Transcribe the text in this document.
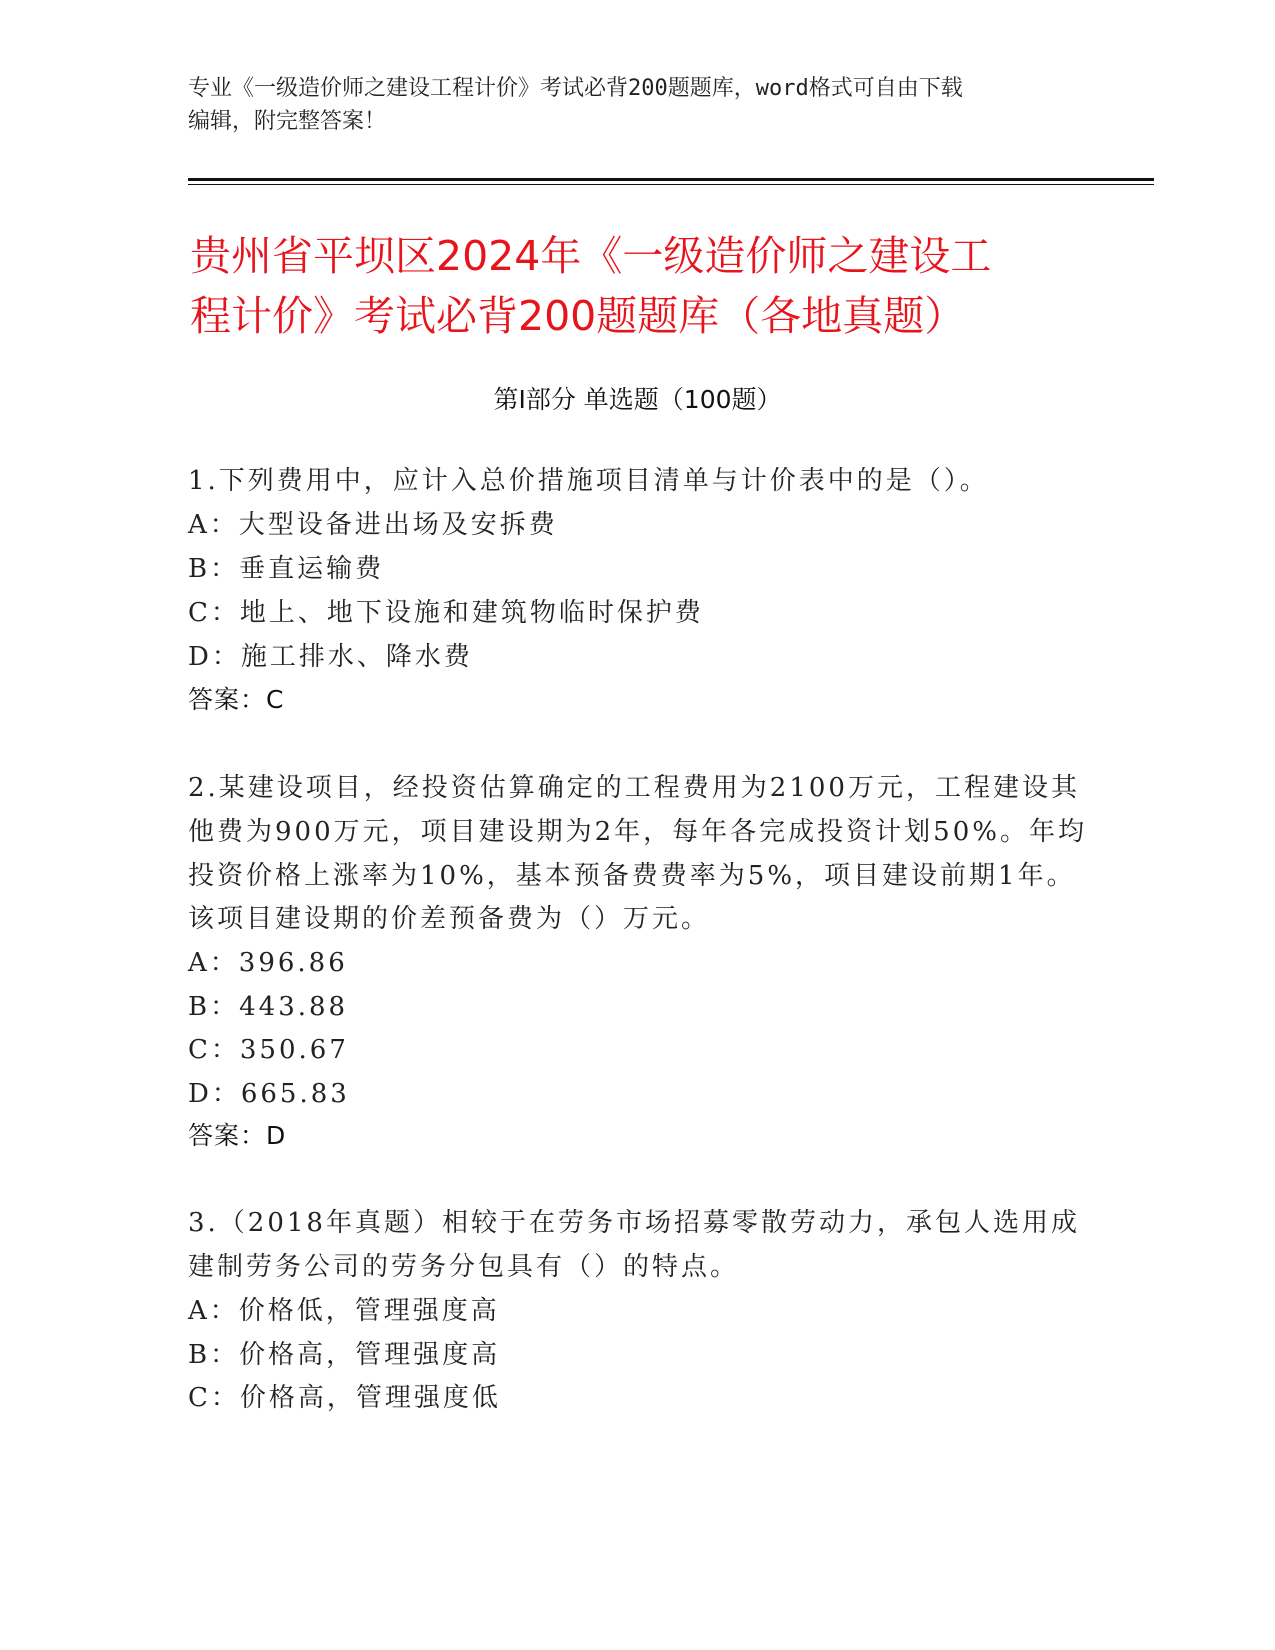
专业《一级造价师之建设工程计价》考试必背200题题库，word格式可自由下载
编辑，附完整答案！
贵州省平坝区2024年《一级造价师之建设工
程计价》考试必背200题题库（各地真题）
第Ⅰ部分 单选题（100题）
1.下列费用中，应计入总价措施项目清单与计价表中的是（）。
A：大型设备进出场及安拆费
B：垂直运输费
C：地上、地下设施和建筑物临时保护费
D：施工排水、降水费
答案：C
2.某建设项目，经投资估算确定的工程费用为2100万元，工程建设其
他费为900万元，项目建设期为2年，每年各完成投资计划50%。年均
投资价格上涨率为10%，基本预备费费率为5%，项目建设前期1年。
该项目建设期的价差预备费为（）万元。
A：396.86
B：443.88
C：350.67
D：665.83
答案：D
3.（2018年真题）相较于在劳务市场招募零散劳动力，承包人选用成
建制劳务公司的劳务分包具有（）的特点。
A：价格低，管理强度高
B：价格高，管理强度高
C：价格高，管理强度低
